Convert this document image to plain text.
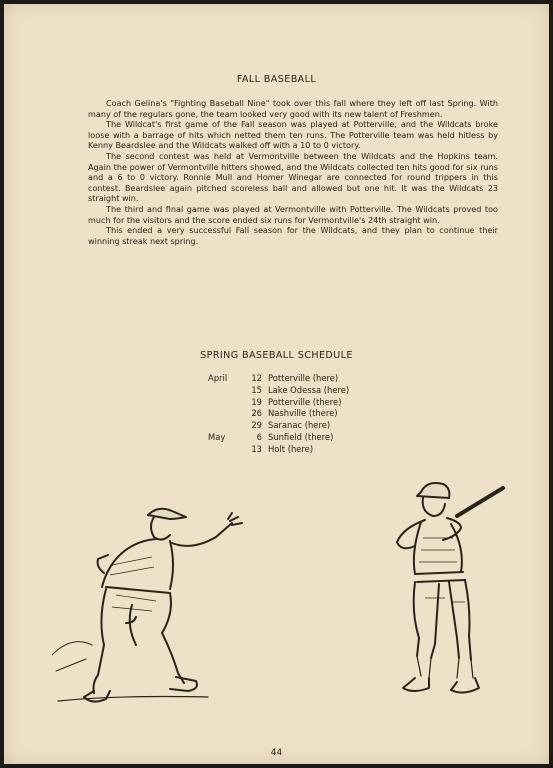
FALL BASEBALL

Coach Gelina's "Fighting Baseball Nine" took over this fall where they left off last Spring. With many of the regulars gone, the team looked very good with its new talent of Freshmen.

The Wildcat's first game of the Fall season was played at Potterville, and the Wildcats broke loose with a barrage of hits which netted them ten runs. The Potterville team was held hitless by Kenny Beardslee and the Wildcats walked off with a 10 to 0 victory.

The second contest was held at Vermontville between the Wildcats and the Hopkins team. Again the power of Vermontville hitters showed, and the Wildcats collected ten hits good for six runs and a 6 to 0 victory. Ronnie Mull and Homer Winegar are connected for round trippers in this contest. Beardslee again pitched scoreless ball and allowed but one hit. It was the Wildcats 23 straight win.

The third and final game was played at Vermontville with Potterville. The Wildcats proved too much for the visitors and the score ended six runs for Vermontville's 24th straight win.

This ended a very successful Fall season for the Wildcats, and they plan to continue their winning streak next spring.

SPRING BASEBALL SCHEDULE
April	12 Potterville (here)
15 Lake Odessa (here)
19 Potterville (there)
26 Nashville (there)
29 Saranac (here)
May	6 Sunfield (there)
13 Holt (here)
44
